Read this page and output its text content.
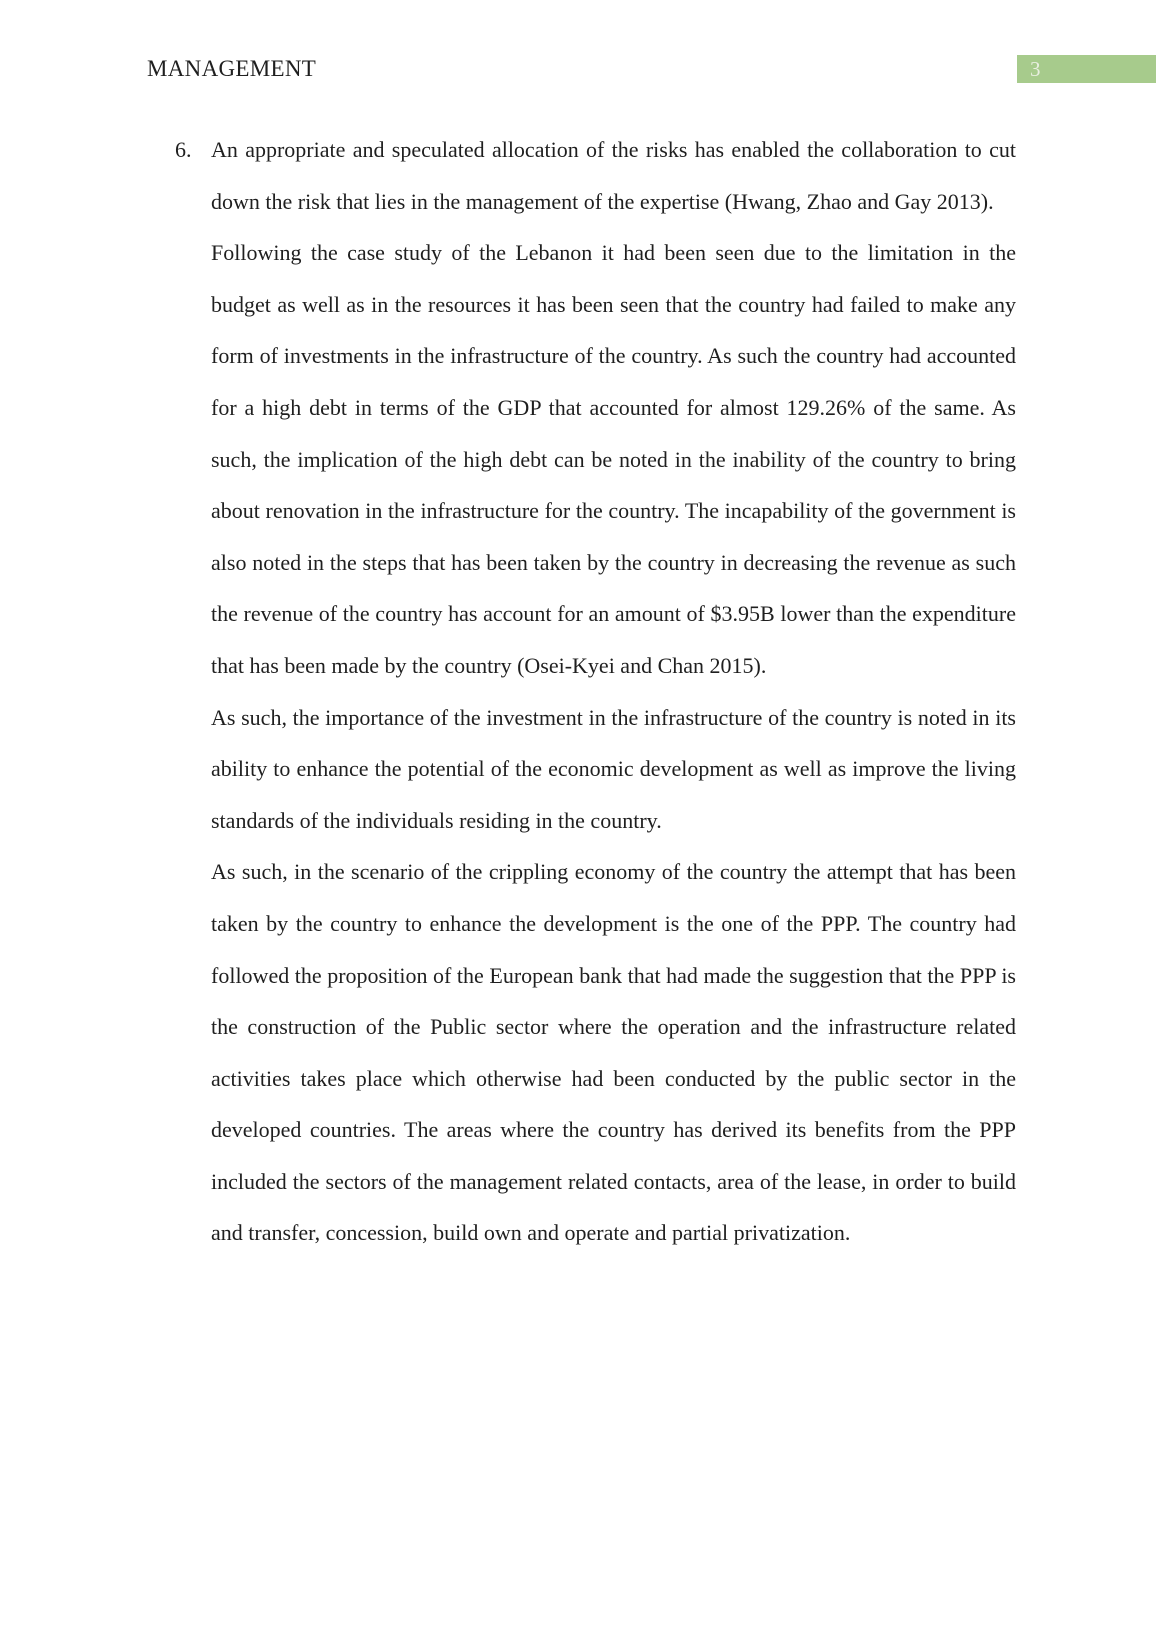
MANAGEMENT	3
6. An appropriate and speculated allocation of the risks has enabled the collaboration to cut down the risk that lies in the management of the expertise (Hwang, Zhao and Gay 2013).

Following the case study of the Lebanon it had been seen due to the limitation in the budget as well as in the resources it has been seen that the country had failed to make any form of investments in the infrastructure of the country. As such the country had accounted for a high debt in terms of the GDP that accounted for almost 129.26% of the same. As such, the implication of the high debt can be noted in the inability of the country to bring about renovation in the infrastructure for the country. The incapability of the government is also noted in the steps that has been taken by the country in decreasing the revenue as such the revenue of the country has account for an amount of $3.95B lower than the expenditure that has been made by the country (Osei-Kyei and Chan 2015).

As such, the importance of the investment in the infrastructure of the country is noted in its ability to enhance the potential of the economic development as well as improve the living standards of the individuals residing in the country.

As such, in the scenario of the crippling economy of the country the attempt that has been taken by the country to enhance the development is the one of the PPP. The country had followed the proposition of the European bank that had made the suggestion that the PPP is the construction of the Public sector where the operation and the infrastructure related activities takes place which otherwise had been conducted by the public sector in the developed countries. The areas where the country has derived its benefits from the PPP included the sectors of the management related contacts, area of the lease, in order to build and transfer, concession, build own and operate and partial privatization.
